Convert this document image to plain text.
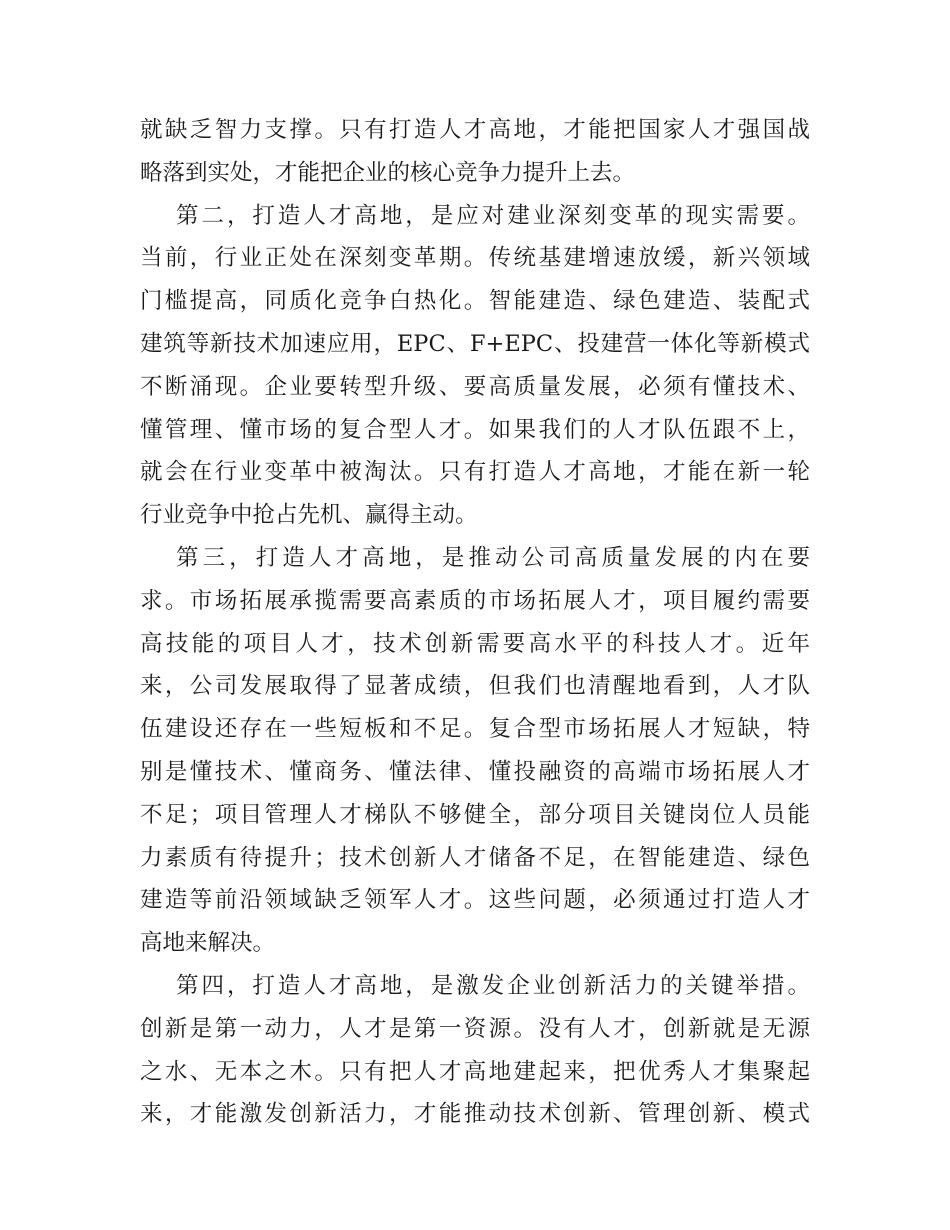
就缺乏智力支撑。只有打造人才高地，才能把国家人才强国战
略落到实处，才能把企业的核心竞争力提升上去。
第二，打造人才高地，是应对建业深刻变革的现实需要。
当前，行业正处在深刻变革期。传统基建增速放缓，新兴领域
门槛提高，同质化竞争白热化。智能建造、绿色建造、装配式
建筑等新技术加速应用，EPC、F+EPC、投建营一体化等新模式
不断涌现。企业要转型升级、要高质量发展，必须有懂技术、
懂管理、懂市场的复合型人才。如果我们的人才队伍跟不上，
就会在行业变革中被淘汰。只有打造人才高地，才能在新一轮
行业竞争中抢占先机、赢得主动。
第三，打造人才高地，是推动公司高质量发展的内在要
求。市场拓展承揽需要高素质的市场拓展人才，项目履约需要
高技能的项目人才，技术创新需要高水平的科技人才。近年
来，公司发展取得了显著成绩，但我们也清醒地看到，人才队
伍建设还存在一些短板和不足。复合型市场拓展人才短缺，特
别是懂技术、懂商务、懂法律、懂投融资的高端市场拓展人才
不足；项目管理人才梯队不够健全，部分项目关键岗位人员能
力素质有待提升；技术创新人才储备不足，在智能建造、绿色
建造等前沿领域缺乏领军人才。这些问题，必须通过打造人才
高地来解决。
第四，打造人才高地，是激发企业创新活力的关键举措。
创新是第一动力，人才是第一资源。没有人才，创新就是无源
之水、无本之木。只有把人才高地建起来，把优秀人才集聚起
来，才能激发创新活力，才能推动技术创新、管理创新、模式
